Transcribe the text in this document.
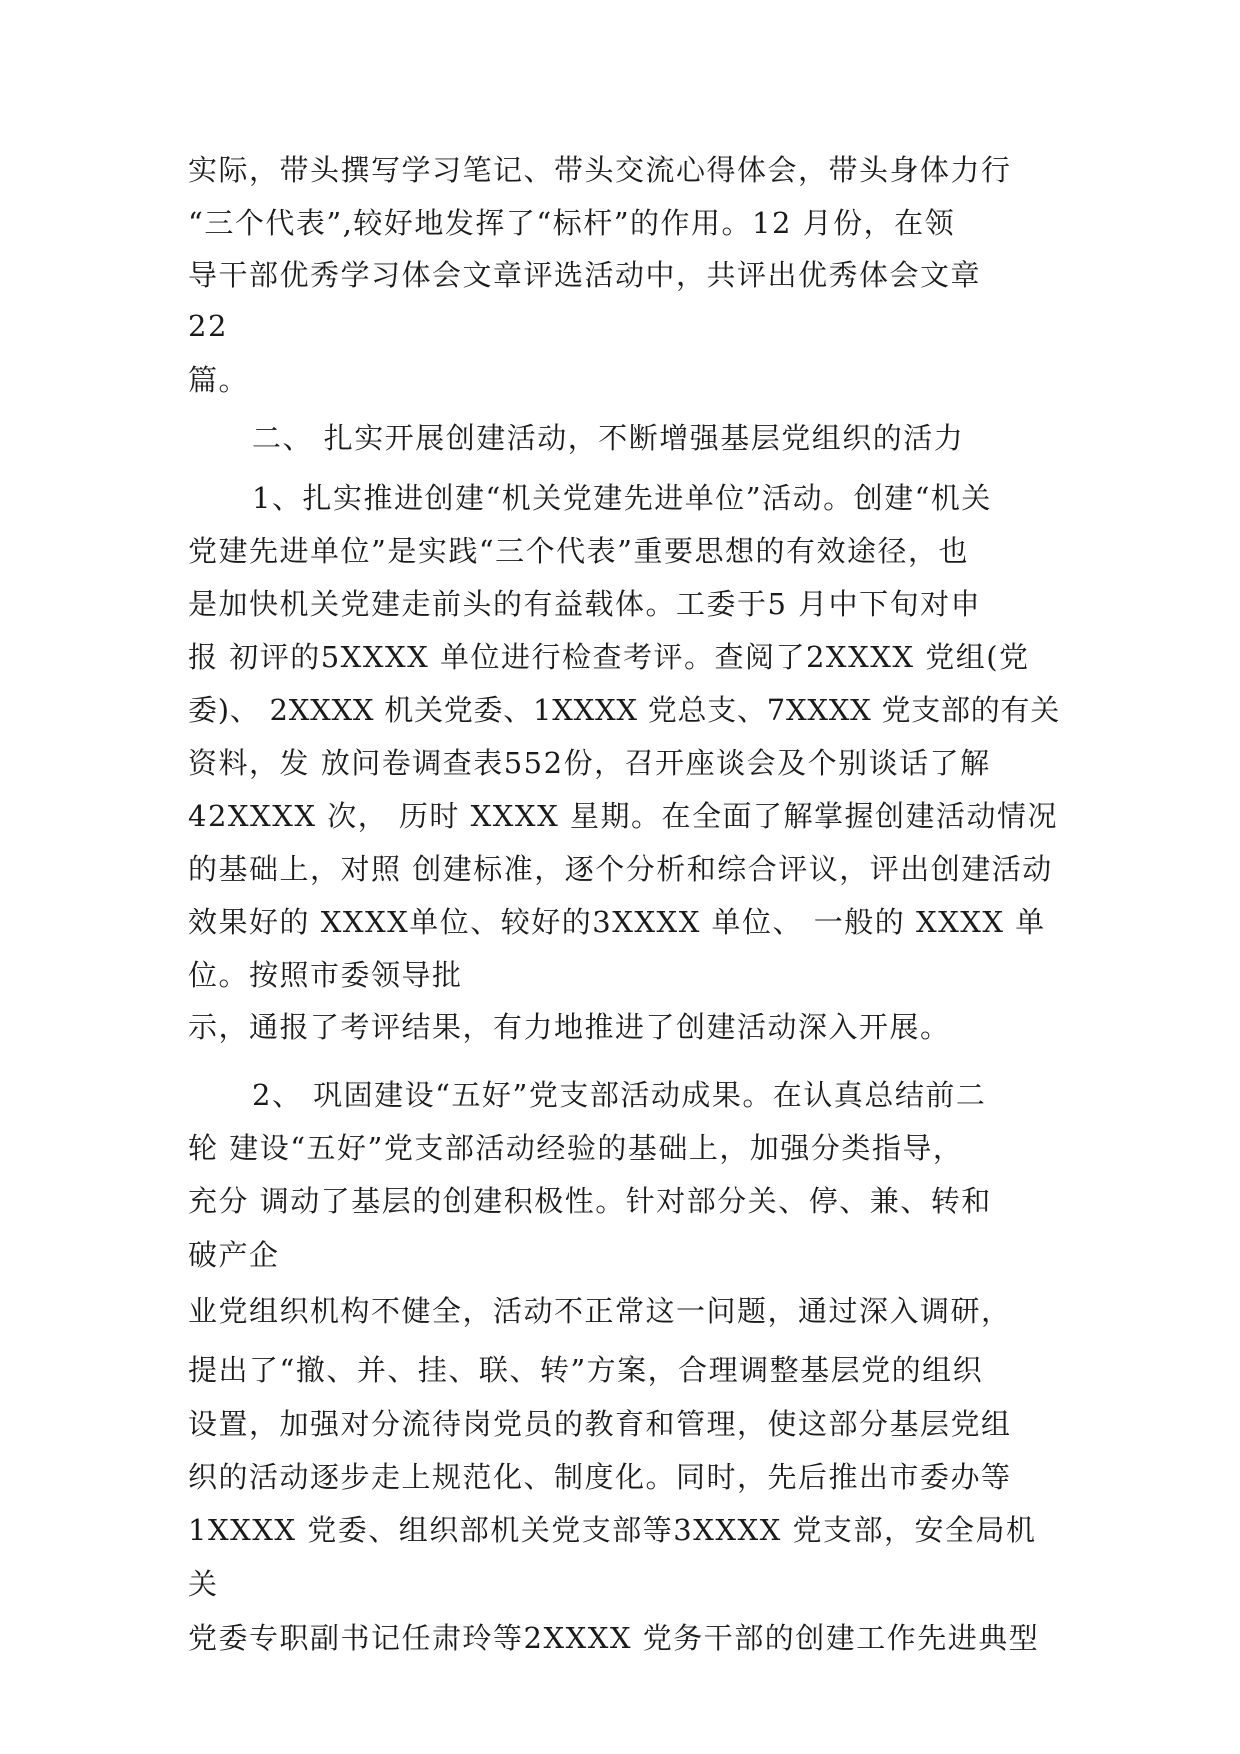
实际，带头撰写学习笔记、带头交流心得体会，带头身体力行
“三个代表”,较好地发挥了“标杆”的作用。12 月份，在领
导干部优秀学习体会文章评选活动中，共评出优秀体会文章
22
篇。
二、 扎实开展创建活动，不断增强基层党组织的活力
1、扎实推进创建“机关党建先进单位”活动。创建“机关
党建先进单位”是实践“三个代表”重要思想的有效途径，也
是加快机关党建走前头的有益载体。工委于5 月中下旬对申
报 初评的5XXXX 单位进行检查考评。查阅了2XXXX 党组(党
委)、 2XXXX 机关党委、1XXXX 党总支、7XXXX 党支部的有关
资料，发 放问卷调查表552份，召开座谈会及个别谈话了解
42XXXX 次， 历时 XXXX 星期。在全面了解掌握创建活动情况
的基础上，对照 创建标准，逐个分析和综合评议，评出创建活动
效果好的 XXXX单位、较好的3XXXX 单位、 一般的 XXXX 单
位。按照市委领导批
示，通报了考评结果，有力地推进了创建活动深入开展。
2、 巩固建设“五好”党支部活动成果。在认真总结前二
轮 建设“五好”党支部活动经验的基础上，加强分类指导，
充分 调动了基层的创建积极性。针对部分关、停、兼、转和
破产企
业党组织机构不健全，活动不正常这一问题，通过深入调研，
提出了“撤、并、挂、联、转”方案，合理调整基层党的组织
设置，加强对分流待岗党员的教育和管理，使这部分基层党组
织的活动逐步走上规范化、制度化。同时，先后推出市委办等
1XXXX 党委、组织部机关党支部等3XXXX 党支部，安全局机
关
党委专职副书记任肃玲等2XXXX 党务干部的创建工作先进典型
